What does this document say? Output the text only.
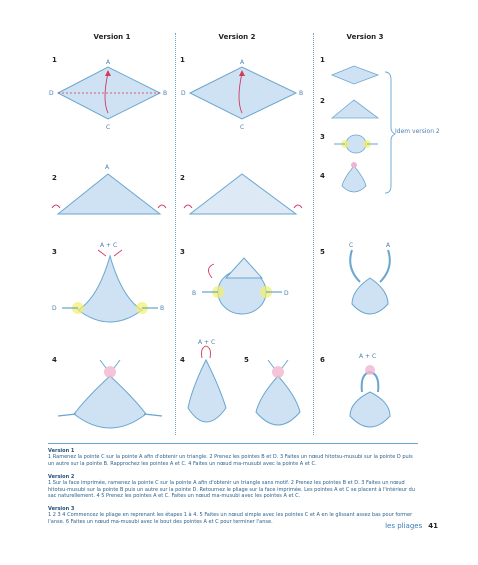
Version 1	Version 2	Version 3
1	A
D	B
C
2
A
3
A + C
D	B
4
1	A
D	B
C
2
3
B	D
4
A + C
5
1
2
3
4
Idem version 2
5
C	A
6	A + C
Version 1
1 Ramenez la pointe C sur la pointe A afin d'obtenir un triangle. 2 Prenez les pointes B et D. 3 Faites un nœud hitotsu-musubi sur la pointe D puis un autre sur la pointe B. Rapprochez les pointes A et C. 4 Faites un nœud ma-musubi avec la pointe A et C.
Version 2
1 Sur la face imprimée, ramenez la pointe C sur la pointe A afin d'obtenir un triangle sans motif. 2 Prenez les pointes B et D. 3 Faites un nœud hitotsu-musubi sur la pointe B puis un autre sur la pointe D. Retournez le pliage sur la face imprimée. Les pointes A et C se placent à l'intérieur du sac naturellement. 4 5 Prenez les pointes A et C. Faites un nœud ma-musubi avec les pointes A et C.
Version 3
1 2 3 4 Commencez le pliage en reprenant les étapes 1 à 4. 5 Faites un nœud simple avec les pointes C et A en le glissant assez bas pour former l'anse. 6 Faites un nœud ma-musubi avec le bout des pointes A et C pour terminer l'anse.
les pliages 41
